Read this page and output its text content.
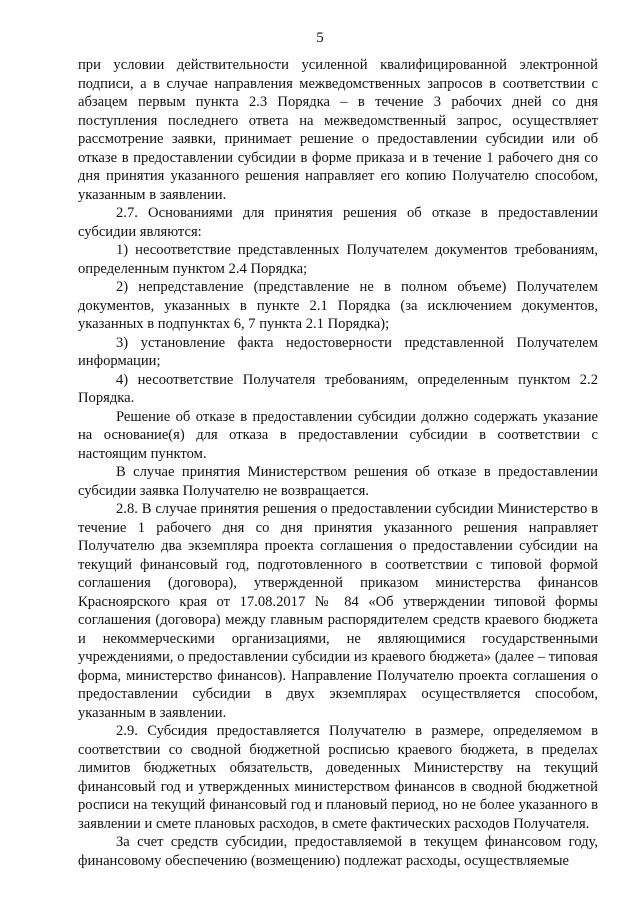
5

при условии действительности усиленной квалифицированной электронной подписи, а в случае направления межведомственных запросов в соответствии с абзацем первым пункта 2.3 Порядка – в течение 3 рабочих дней со дня поступления последнего ответа на межведомственный запрос, осуществляет рассмотрение заявки, принимает решение о предоставлении субсидии или об отказе в предоставлении субсидии в форме приказа и в течение 1 рабочего дня со дня принятия указанного решения направляет его копию Получателю способом, указанным в заявлении.

2.7. Основаниями для принятия решения об отказе в предоставлении субсидии являются:

1) несоответствие представленных Получателем документов требованиям, определенным пунктом 2.4 Порядка;

2) непредставление (представление не в полном объеме) Получателем документов, указанных в пункте 2.1 Порядка (за исключением документов, указанных в подпунктах 6, 7 пункта 2.1 Порядка);

3) установление факта недостоверности представленной Получателем информации;

4) несоответствие Получателя требованиям, определенным пунктом 2.2 Порядка.

Решение об отказе в предоставлении субсидии должно содержать указание на основание(я) для отказа в предоставлении субсидии в соответствии с настоящим пунктом.

В случае принятия Министерством решения об отказе в предоставлении субсидии заявка Получателю не возвращается.

2.8. В случае принятия решения о предоставлении субсидии Министерство в течение 1 рабочего дня со дня принятия указанного решения направляет Получателю два экземпляра проекта соглашения о предоставлении субсидии на текущий финансовый год, подготовленного в соответствии с типовой формой соглашения (договора), утвержденной приказом министерства финансов Красноярского края от 17.08.2017 № 84 «Об утверждении типовой формы соглашения (договора) между главным распорядителем средств краевого бюджета и некоммерческими организациями, не являющимися государственными учреждениями, о предоставлении субсидии из краевого бюджета» (далее – типовая форма, министерство финансов). Направление Получателю проекта соглашения о предоставлении субсидии в двух экземплярах осуществляется способом, указанным в заявлении.

2.9. Субсидия предоставляется Получателю в размере, определяемом в соответствии со сводной бюджетной росписью краевого бюджета, в пределах лимитов бюджетных обязательств, доведенных Министерству на текущий финансовый год и утвержденных министерством финансов в сводной бюджетной росписи на текущий финансовый год и плановый период, но не более указанного в заявлении и смете плановых расходов, в смете фактических расходов Получателя.

За счет средств субсидии, предоставляемой в текущем финансовом году, финансовому обеспечению (возмещению) подлежат расходы, осуществляемые
